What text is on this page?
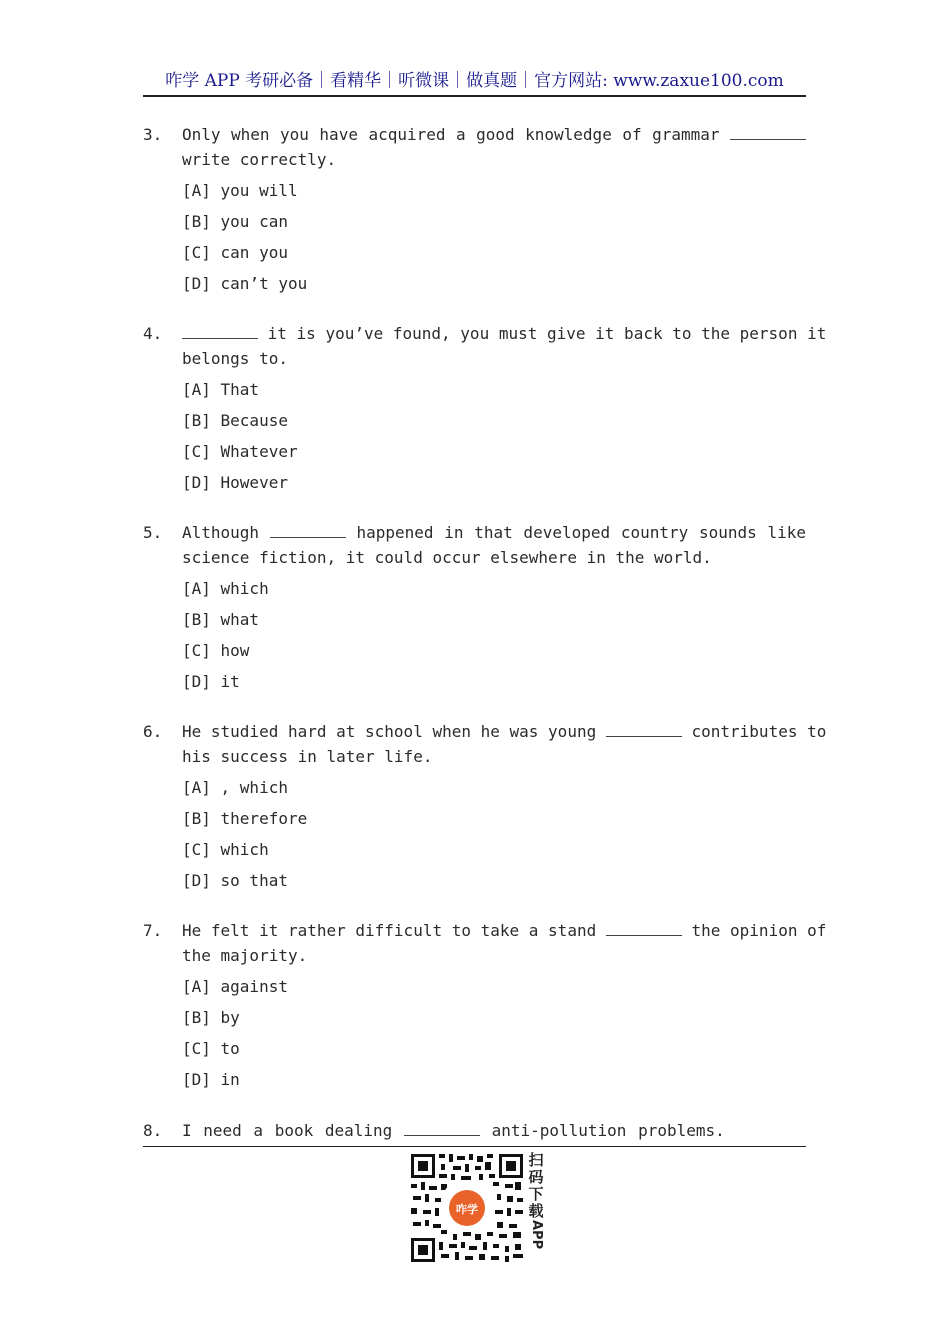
咋学 APP 考研必备｜看精华｜听微课｜做真题｜官方网站: www.zaxue100.com
3. Only when you have acquired a good knowledge of grammar
write correctly.
[A] you will
[B] you can
[C] can you
[D] can’t you
4.	it is you’ve found, you must give it back to the person it
belongs to.
[A] That
[B] Because
[C] Whatever
[D] However
5. Although	happened in that developed country sounds like
science fiction, it could occur elsewhere in the world.
[A] which
[B] what
[C] how
[D] it
6. He studied hard at school when he was young	contributes to
his success in later life.
[A] , which
[B] therefore
[C] which
[D] so that
7. He felt it rather difficult to take a stand	the opinion of
the majority.
[A] against
[B] by
[C] to
[D] in
8. I need a book dealing	anti-pollution problems.
咋学
扫
码
下
载
APP
